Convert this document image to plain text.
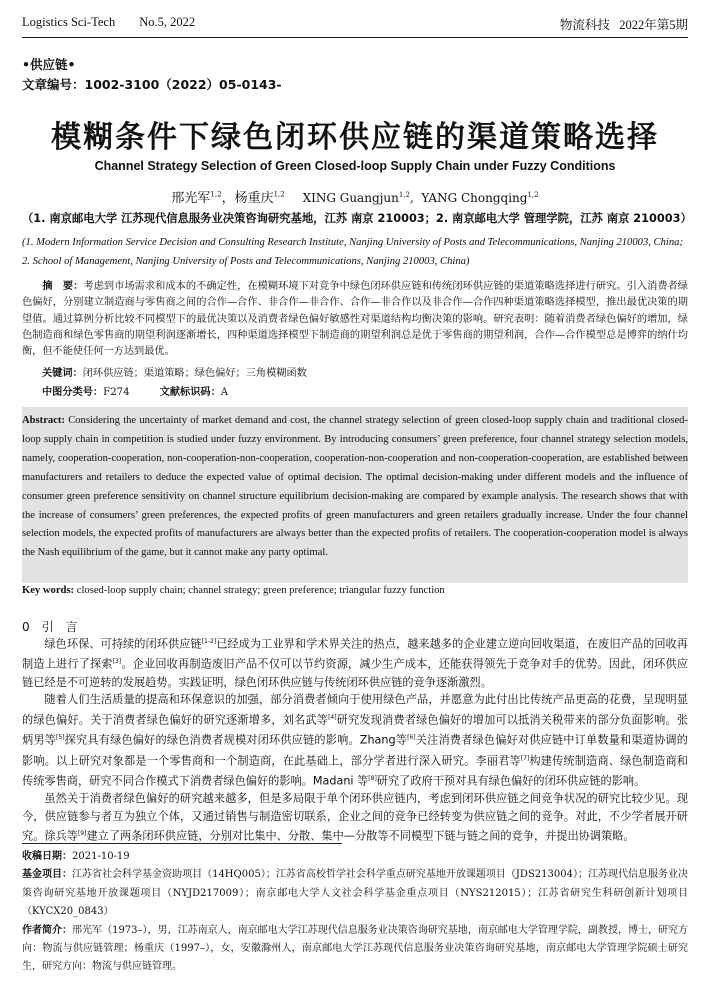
Logistics Sci-Tech No.5, 2022	物流科技 2022年第5期
•供应链•
文章编号：1002-3100（2022）05-0143-
模糊条件下绿色闭环供应链的渠道策略选择
Channel Strategy Selection of Green Closed-loop Supply Chain under Fuzzy Conditions
邢光军$^{1,2}$，杨重庆$^{1,2}$ XING Guangjun$^{1,2}$,  YANG Chongqing$^{1,2}$
（1. 南京邮电大学 江苏现代信息服务业决策咨询研究基地，江苏 南京 210003；2. 南京邮电大学 管理学院，江苏 南京 210003）
(1. Modern Information Service Decision and Consulting Research Institute, Nanjing University of Posts and Telecommunications, Nanjing 210003, China; 2. School of Management, Nanjing University of Posts and Telecommunications, Nanjing 210003, China)
摘　要：考虑到市场需求和成本的不确定性，在模糊环境下对竞争中绿色闭环供应链和传统闭环供应链的渠道策略选择进行研究。引入消费者绿色偏好，分别建立制造商与零售商之间的合作—合作、非合作—非合作、合作—非合作以及非合作—合作四种渠道策略选择模型，推出最优决策的期望值。通过算例分析比较不同模型下的最优决策以及消费者绿色偏好敏感性对渠道结构均衡决策的影响。研究表明：随着消费者绿色偏好的增加，绿色制造商和绿色零售商的期望利润逐渐增长，四种渠道选择模型下制造商的期望利润总是优于零售商的期望利润，合作—合作模型总是博弈的纳什均衡，但不能使任何一方达到最优。
关键词：闭环供应链；渠道策略；绿色偏好；三角模糊函数
中图分类号：F274	文献标识码：A
Abstract: Considering the uncertainty of market demand and cost, the channel strategy selection of green closed-loop supply chain and traditional closed-loop supply chain in competition is studied under fuzzy environment. By introducing consumers’ green preference, four channel strategy selection models, namely, cooperation-cooperation, non-cooperation-non-cooperation, cooperation-non-cooperation and non-cooperation-cooperation, are established between manufacturers and retailers to deduce the expected value of optimal decision. The optimal decision-making under different models and the influence of consumer green preference sensitivity on channel structure equilibrium decision-making are compared by example analysis. The research shows that with the increase of consumers’ green preferences, the expected profits of green manufacturers and green retailers gradually increase. Under the four channel selection models, the expected profits of manufacturers are always better than the expected profits of retailers. The cooperation-cooperation model is always the Nash equilibrium of the game, but it cannot make any party optimal.
Key words: closed-loop supply chain; channel strategy; green preference; triangular fuzzy function
0　引　言

绿色环保、可持续的闭环供应链[1-2]已经成为工业界和学术界关注的热点，越来越多的企业建立逆向回收渠道，在废旧产品的回收再制造上进行了探索[3]。企业回收再制造废旧产品不仅可以节约资源，减少生产成本，还能获得领先于竞争对手的优势。因此，闭环供应链已经是不可逆转的发展趋势。实践证明，绿色闭环供应链与传统闭环供应链的竞争逐渐激烈。

随着人们生活质量的提高和环保意识的加强，部分消费者倾向于使用绿色产品，并愿意为此付出比传统产品更高的花费，呈现明显的绿色偏好。关于消费者绿色偏好的研究逐渐增多，刘名武等[4]研究发现消费者绿色偏好的增加可以抵消关税带来的部分负面影响。张炳男等[5]探究具有绿色偏好的绿色消费者规模对闭环供应链的影响。Zhang等[6]关注消费者绿色偏好对供应链中订单数量和渠道协调的影响。以上研究对象都是一个零售商和一个制造商，在此基础上，部分学者进行深入研究。李丽君等[7]构建传统制造商、绿色制造商和传统零售商，研究不同合作模式下消费者绿色偏好的影响。Madani 等[8]研究了政府干预对具有绿色偏好的闭环供应链的影响。

虽然关于消费者绿色偏好的研究越来越多，但是多局限于单个闭环供应链内，考虑到闭环供应链之间竞争状况的研究比较少见。现今，供应链参与者互为独立个体，又通过销售与制造密切联系，企业之间的竞争已经转变为供应链之间的竞争。对此，不少学者展开研究。徐兵等[9]建立了两条闭环供应链，分别对比集中、分散、集中—分散等不同模型下链与链之间的竞争，并提出协调策略。

收稿日期：2021-10-19

基金项目：江苏省社会科学基金资助项目（14HQ005）；江苏省高校哲学社会科学重点研究基地开放课题项目（JDS213004）；江苏现代信息服务业决策咨询研究基地开放课题项目（NYJD217009）；南京邮电大学人文社会科学基金重点项目（NYS212015）；江苏省研究生科研创新计划项目（KYCX20_0843）

作者简介：邢光军（1973–），男，江苏南京人，南京邮电大学江苏现代信息服务业决策咨询研究基地，南京邮电大学管理学院，副教授，博士，研究方向：物流与供应链管理；杨重庆（1997–），女，安徽滁州人，南京邮电大学江苏现代信息服务业决策咨询研究基地，南京邮电大学管理学院硕士研究生，研究方向：物流与供应链管理。
